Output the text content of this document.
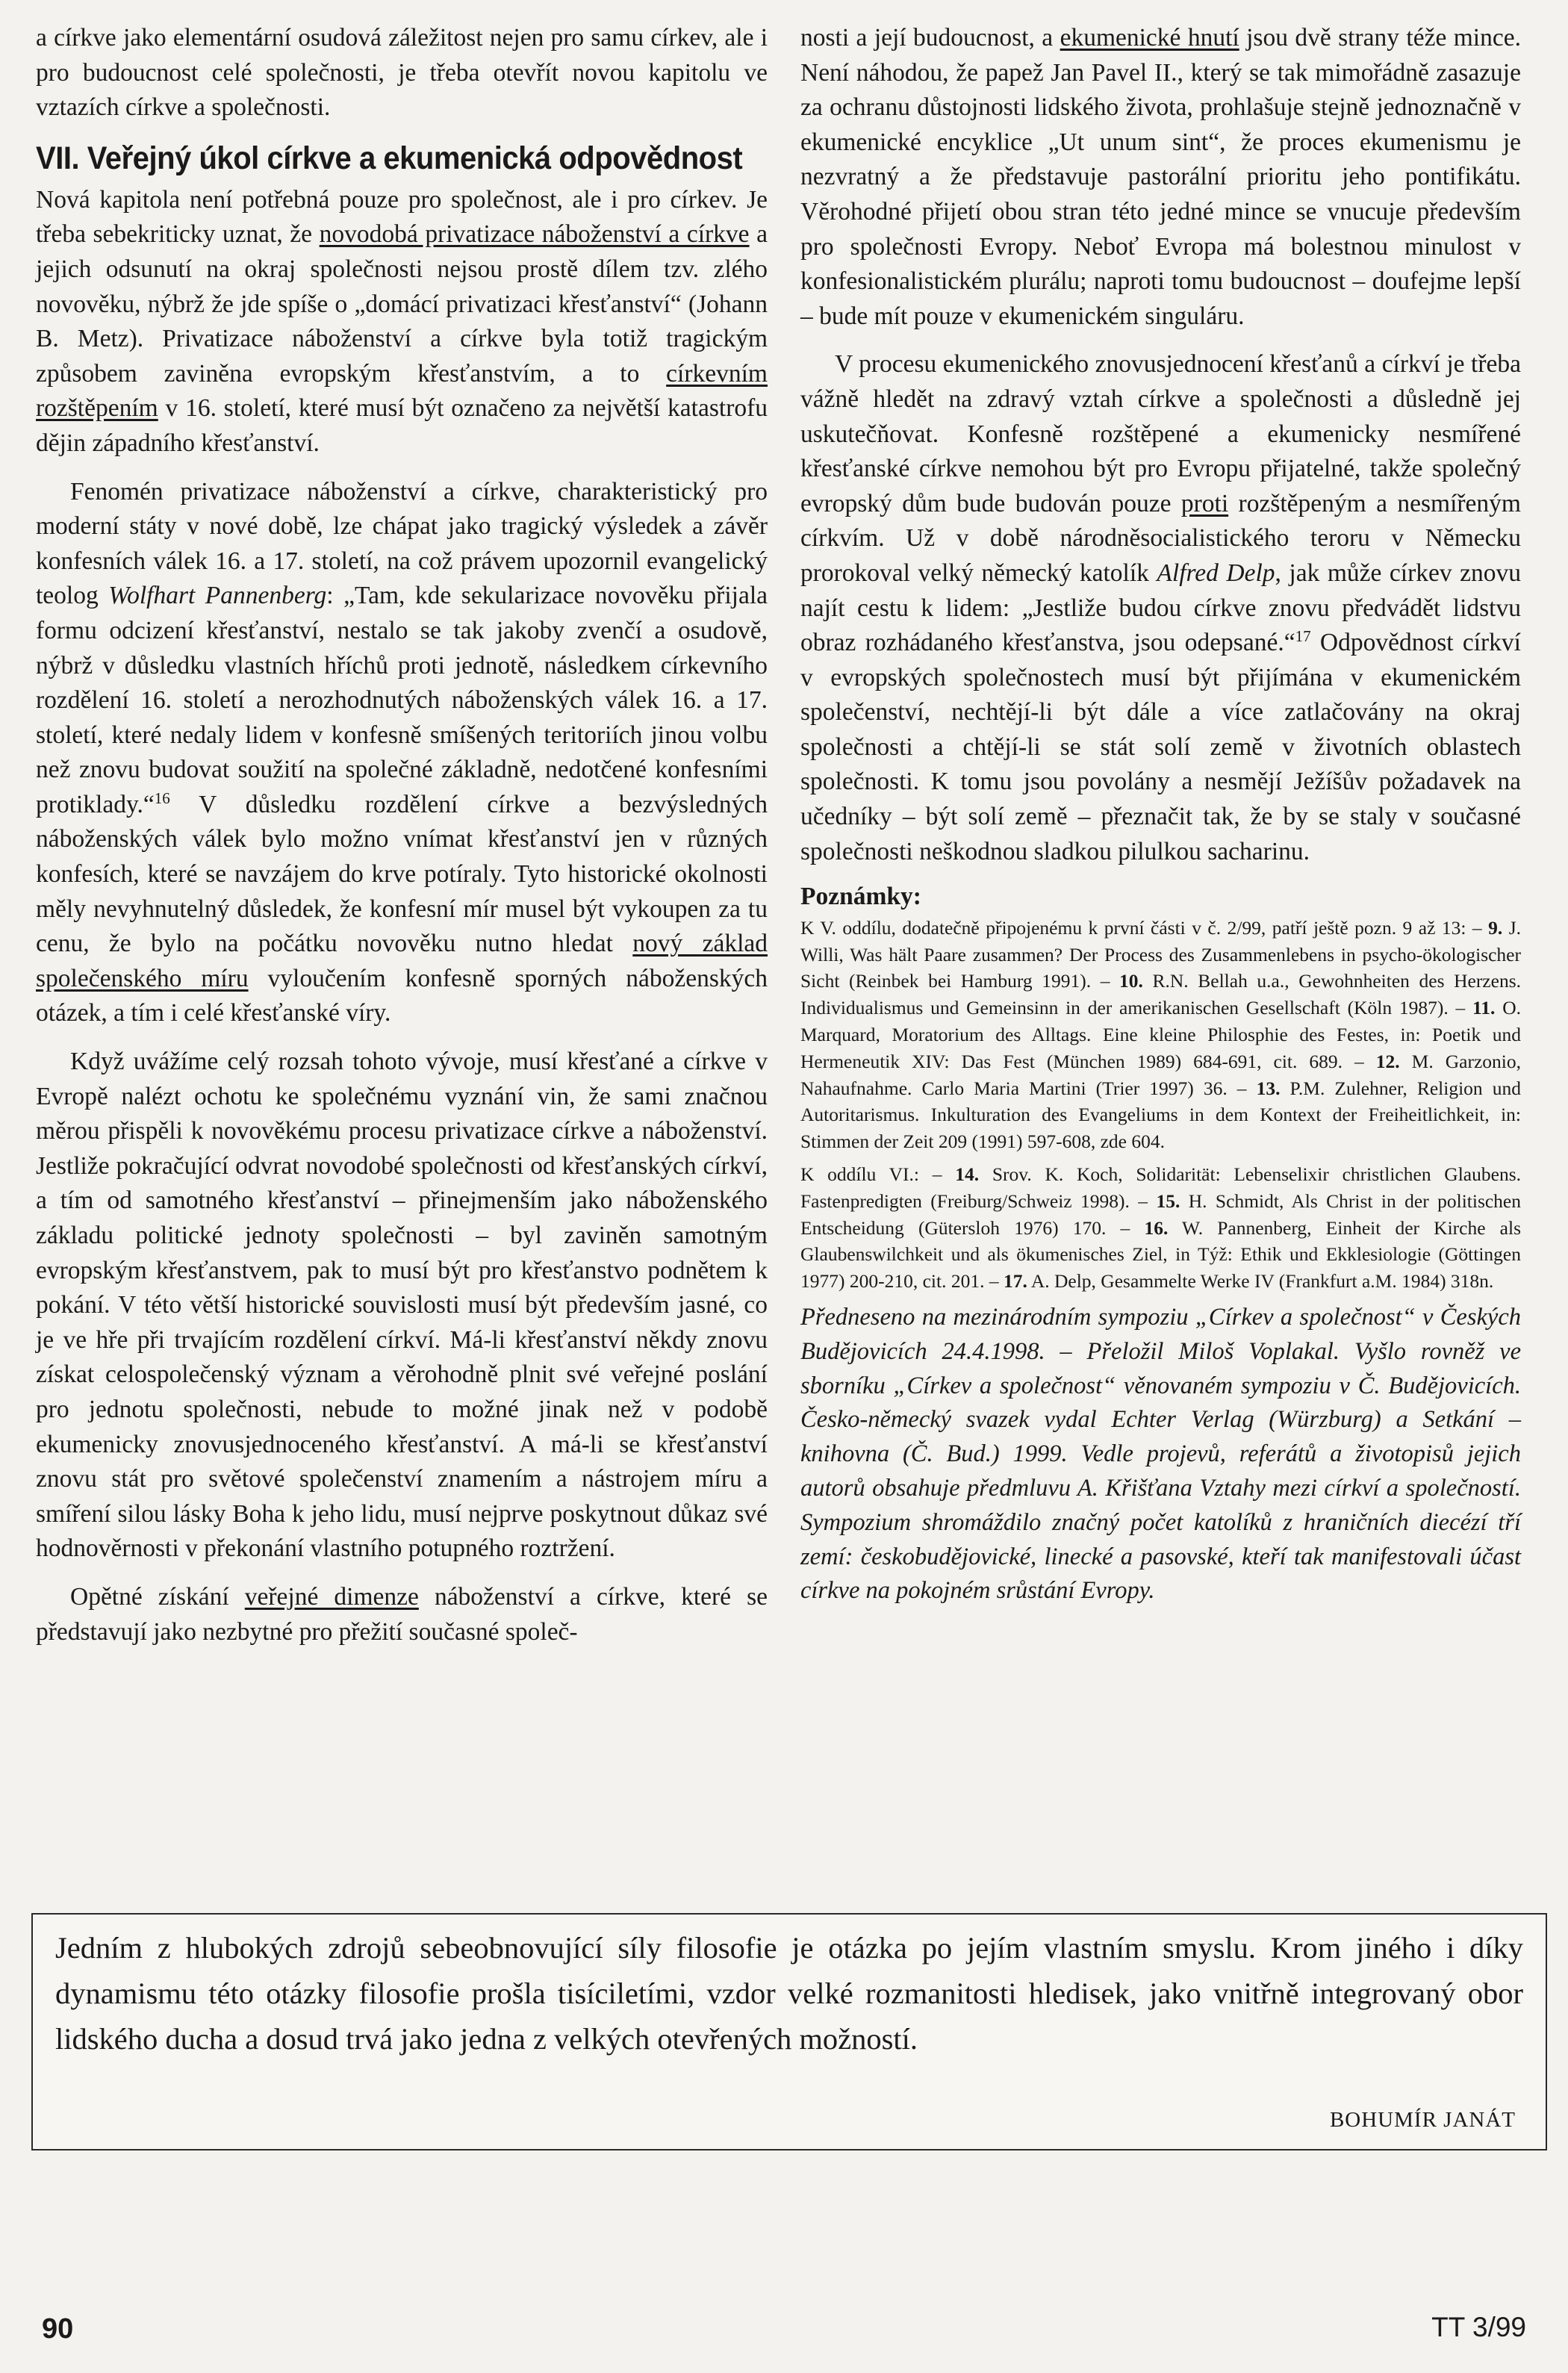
a církve jako elementární osudová záležitost nejen pro samu církev, ale i pro budoucnost celé společnosti, je třeba otevřít novou kapitolu ve vztazích církve a společnosti.

VII. Veřejný úkol církve a ekumenická odpovědnost

Nová kapitola není potřebná pouze pro společnost, ale i pro církev. Je třeba sebekriticky uznat, že novodobá privatizace náboženství a církve a jejich odsunutí na okraj společnosti nejsou prostě dílem tzv. zlého novověku, nýbrž že jde spíše o „domácí privatizaci křesťanství“ (Johann B. Metz). Privatizace náboženství a církve byla totiž tragickým způsobem zaviněna evropským křesťanstvím, a to církevním rozštěpením v 16. století, které musí být označeno za největší katastrofu dějin západního křesťanství.

Fenomén privatizace náboženství a církve, charakteristický pro moderní státy v nové době, lze chápat jako tragický výsledek a závěr konfesních válek 16. a 17. století, na což právem upozornil evangelický teolog Wolfhart Pannenberg: „Tam, kde sekularizace novověku přijala formu odcizení křesťanství, nestalo se tak jakoby zvenčí a osudově, nýbrž v důsledku vlastních hříchů proti jednotě, následkem církevního rozdělení 16. století a nerozhodnutých náboženských válek 16. a 17. století, které nedaly lidem v konfesně smíšených teritoriích jinou volbu než znovu budovat soužití na společné základně, nedotčené konfesními protiklady.“$^{16}$ V důsledku rozdělení církve a bezvýsledných náboženských válek bylo možno vnímat křesťanství jen v různých konfesích, které se navzájem do krve potíraly. Tyto historické okolnosti měly nevyhnutelný důsledek, že konfesní mír musel být vykoupen za tu cenu, že bylo na počátku novověku nutno hledat nový základ společenského míru vyloučením konfesně sporných náboženských otázek, a tím i celé křesťanské víry.

Když uvážíme celý rozsah tohoto vývoje, musí křesťané a církve v Evropě nalézt ochotu ke společnému vyznání vin, že sami značnou měrou přispěli k novověkému procesu privatizace církve a náboženství. Jestliže pokračující odvrat novodobé společnosti od křesťanských církví, a tím od samotného křesťanství – přinejmenším jako náboženského základu politické jednoty společnosti – byl zaviněn samotným evropským křesťanstvem, pak to musí být pro křesťanstvo podnětem k pokání. V této větší historické souvislosti musí být především jasné, co je ve hře při trvajícím rozdělení církví. Má-li křesťanství někdy znovu získat celospolečenský význam a věrohodně plnit své veřejné poslání pro jednotu společnosti, nebude to možné jinak než v podobě ekumenicky znovusjednoceného křesťanství. A má-li se křesťanství znovu stát pro světové společenství znamením a nástrojem míru a smíření silou lásky Boha k jeho lidu, musí nejprve poskytnout důkaz své hodnověrnosti v překonání vlastního potupného roztržení.

Opětné získání veřejné dimenze náboženství a církve, které se představují jako nezbytné pro přežití současné společ-

nosti a její budoucnost, a ekumenické hnutí jsou dvě strany téže mince. Není náhodou, že papež Jan Pavel II., který se tak mimořádně zasazuje za ochranu důstojnosti lidského života, prohlašuje stejně jednoznačně v ekumenické encyklice „Ut unum sint“, že proces ekumenismu je nezvratný a že představuje pastorální prioritu jeho pontifikátu. Věrohodné přijetí obou stran této jedné mince se vnucuje především pro společnosti Evropy. Neboť Evropa má bolestnou minulost v konfesionalistickém plurálu; naproti tomu budoucnost – doufejme lepší – bude mít pouze v ekumenickém singuláru.

V procesu ekumenického znovusjednocení křesťanů a církví je třeba vážně hledět na zdravý vztah církve a společnosti a důsledně jej uskutečňovat. Konfesně rozštěpené a ekumenicky nesmířené křesťanské církve nemohou být pro Evropu přijatelné, takže společný evropský dům bude budován pouze proti rozštěpeným a nesmířeným církvím. Už v době národněsocialistického teroru v Německu prorokoval velký německý katolík Alfred Delp, jak může církev znovu najít cestu k lidem: „Jestliže budou církve znovu předvádět lidstvu obraz rozhádaného křesťanstva, jsou odepsané.“$^{17}$ Odpovědnost církví v evropských společnostech musí být přijímána v ekumenickém společenství, nechtějí-li být dále a více zatlačovány na okraj společnosti a chtějí-li se stát solí země v životních oblastech společnosti. K tomu jsou povolány a nesmějí Ježíšův požadavek na učedníky – být solí země – přeznačit tak, že by se staly v současné společnosti neškodnou sladkou pilulkou sacharinu.

Poznámky:

K V. oddílu, dodatečně připojenému k první části v č. 2/99, patří ještě pozn. 9 až 13: – 9. J. Willi, Was hält Paare zusammen? Der Process des Zusammenlebens in psycho-ökologischer Sicht (Reinbek bei Hamburg 1991). – 10. R.N. Bellah u.a., Gewohnheiten des Herzens. Individualismus und Gemeinsinn in der amerikanischen Gesellschaft (Köln 1987). – 11. O. Marquard, Moratorium des Alltags. Eine kleine Philosphie des Festes, in: Poetik und Hermeneutik XIV: Das Fest (München 1989) 684-691, cit. 689. – 12. M. Garzonio, Nahaufnahme. Carlo Maria Martini (Trier 1997) 36. – 13. P.M. Zulehner, Religion und Autoritarismus. Inkulturation des Evangeliums in dem Kontext der Freiheitlichkeit, in: Stimmen der Zeit 209 (1991) 597-608, zde 604.

K oddílu VI.: – 14. Srov. K. Koch, Solidarität: Lebenselixir christlichen Glaubens. Fastenpredigten (Freiburg/Schweiz 1998). – 15. H. Schmidt, Als Christ in der politischen Entscheidung (Gütersloh 1976) 170. – 16. W. Pannenberg, Einheit der Kirche als Glaubenswilchkeit und als ökumenisches Ziel, in Týž: Ethik und Ekklesiologie (Göttingen 1977) 200-210, cit. 201. – 17. A. Delp, Gesammelte Werke IV (Frankfurt a.M. 1984) 318n.

Předneseno na mezinárodním sympoziu „Církev a společnost“ v Českých Budějovicích 24.4.1998. – Přeložil Miloš Voplakal. Vyšlo rovněž ve sborníku „Církev a společnost“ věnovaném sympoziu v Č. Budějovicích. Česko-německý svazek vydal Echter Verlag (Würzburg) a Setkání – knihovna (Č. Bud.) 1999. Vedle projevů, referátů a životopisů jejich autorů obsahuje předmluvu A. Křišťana Vztahy mezi církví a společností. Sympozium shromáždilo značný počet katolíků z hraničních diecézí tří zemí: českobudějovické, linecké a pasovské, kteří tak manifestovali účast církve na pokojném srůstání Evropy.

Jedním z hlubokých zdrojů sebeobnovující síly filosofie je otázka po jejím vlastním smyslu. Krom jiného i díky dynamismu této otázky filosofie prošla tisíciletími, vzdor velké rozmanitosti hledisek, jako vnitřně integrovaný obor lidského ducha a dosud trvá jako jedna z velkých otevřených možností.

BOHUMÍR JANÁT

90	TT 3/99
